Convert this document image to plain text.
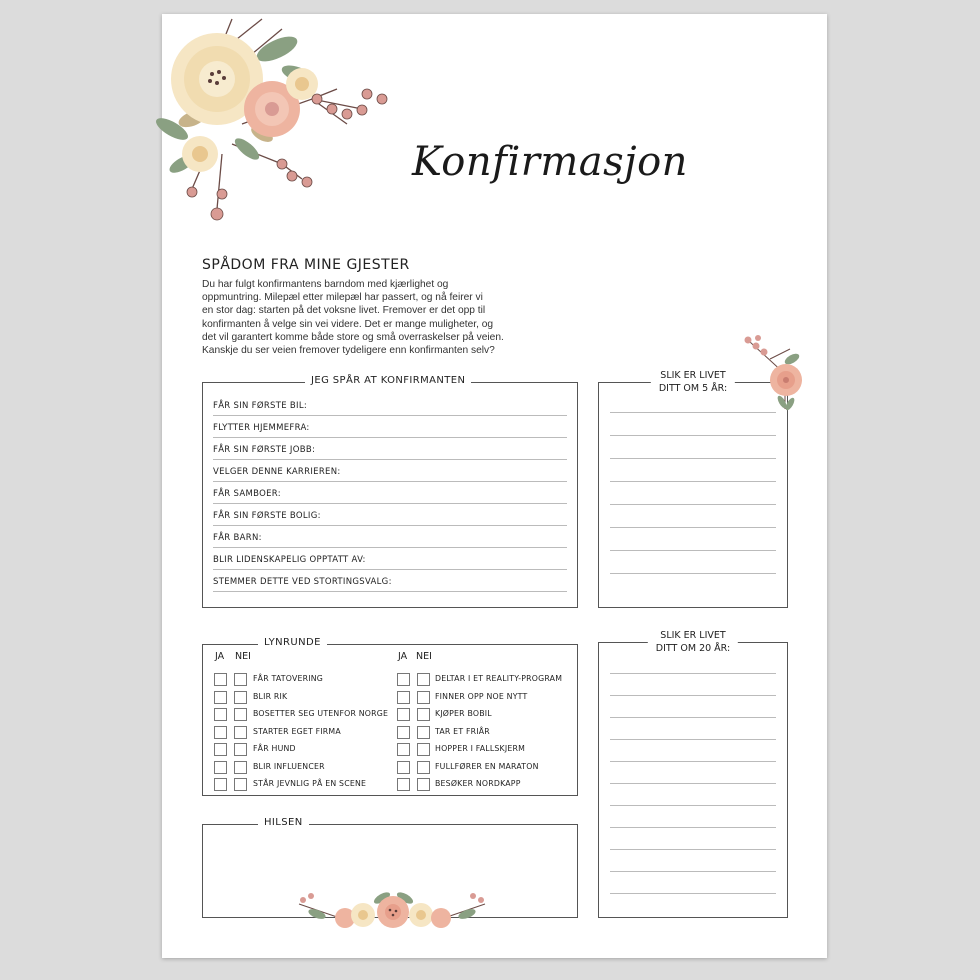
Konfirmasjon
SPÅDOM FRA MINE GJESTER
Du har fulgt konfirmantens barndom med kjærlighet og
oppmuntring. Milepæl etter milepæl har passert, og nå feirer vi
en stor dag: starten på det voksne livet. Fremover er det opp til
konfirmanten å velge sin vei videre. Det er mange muligheter, og
det vil garantert komme både store og små overraskelser på veien.
Kanskje du ser veien fremover tydeligere enn konfirmanten selv?
JEG SPÅR AT KONFIRMANTEN
FÅR SIN FØRSTE BIL:
FLYTTER HJEMMEFRA:
FÅR SIN FØRSTE JOBB:
VELGER DENNE KARRIEREN:
FÅR SAMBOER:
FÅR SIN FØRSTE BOLIG:
FÅR BARN:
BLIR LIDENSKAPELIG OPPTATT AV:
STEMMER DETTE VED STORTINGSVALG:
SLIK ER LIVET
DITT OM 5 ÅR:
LYNRUNDE
JA NEI	JA NEI
FÅR TATOVERING
BLIR RIK
BOSETTER SEG UTENFOR NORGE
STARTER EGET FIRMA
FÅR HUND
BLIR INFLUENCER
STÅR JEVNLIG PÅ EN SCENE
DELTAR I ET REALITY-PROGRAM
FINNER OPP NOE NYTT
KJØPER BOBIL
TAR ET FRIÅR
HOPPER I FALLSKJERM
FULLFØRER EN MARATON
BESØKER NORDKAPP
SLIK ER LIVET
DITT OM 20 ÅR:
HILSEN
